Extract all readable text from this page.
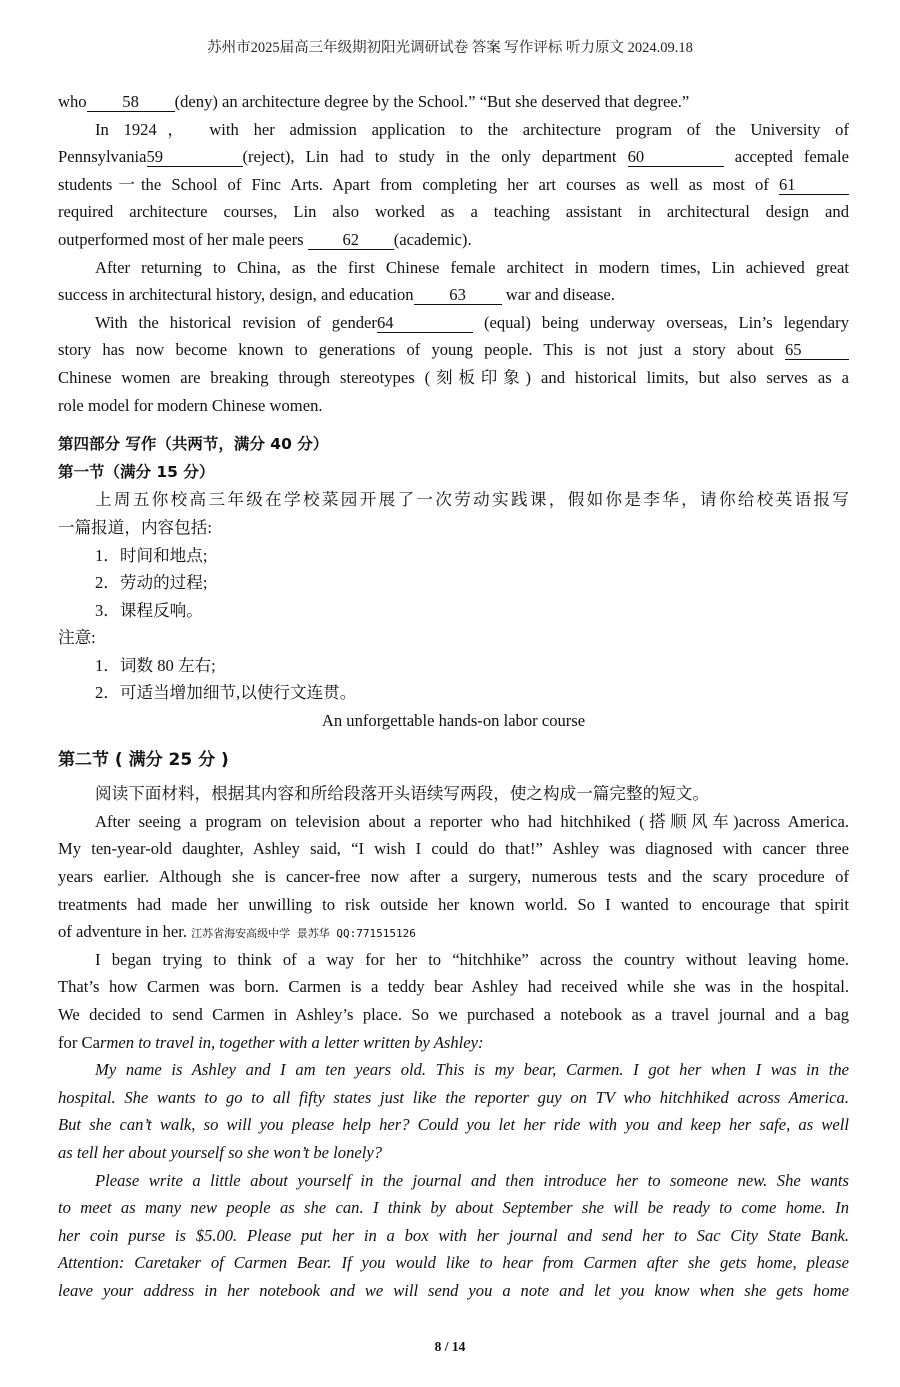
苏州市2025届高三年级期初阳光调研试卷 答案 写作评标 听力原文 2024.09.18
who 58 (deny) an architecture degree by the School.” “But she deserved that degree.”
In 1924， with her admission application to the architecture program of the University of
Pennsylvania59	(reject), Lin had to study in the only department 60	accepted female
students一the School of Finc Arts. Apart from completing her art courses as well as most of 61
required architecture courses, Lin also worked as a teaching assistant in architectural design and
outperformed most of her male peers 62 (academic).
After returning to China, as the first Chinese female architect in modern times, Lin achieved great
success in architectural history, design, and education 63 war and disease.
With the historical revision of gender64	(equal) being underway overseas, Lin’s legendary
story has now become known to generations of young people. This is not just a story about 65
Chinese women are breaking through stereotypes (刻板印象) and historical limits, but also serves as a
role model for modern Chinese women.
第四部分 写作（共两节，满分 40 分）
第一节（满分 15 分）
上周五你校高三年级在学校菜园开展了一次劳动实践课，假如你是李华，请你给校英语报写
一篇报道，内容包括:
1．时间和地点;
2．劳动的过程;
3．课程反响。
注意:
1．词数 80 左右;
2．可适当增加细节,以使行文连贯。
An unforgettable hands-on labor course
第二节 ( 满分 25 分 )
阅读下面材料，根据其内容和所给段落开头语续写两段，使之构成一篇完整的短文。
After seeing a program on television about a reporter who had hitchhiked (搭顺风车)across America.
My ten-year-old daughter, Ashley said, “I wish I could do that!” Ashley was diagnosed with cancer three
years earlier. Although she is cancer-free now after a surgery, numerous tests and the scary procedure of
treatments had made her unwilling to risk outside her known world. So I wanted to encourage that spirit
of adventure in her. 江苏省海安高级中学 景苏华 QQ:771515126
I began trying to think of a way for her to “hitchhike” across the country without leaving home.
That’s how Carmen was born. Carmen is a teddy bear Ashley had received while she was in the hospital.
We decided to send Carmen in Ashley’s place. So we purchased a notebook as a travel journal and a bag
for Carmen to travel in, together with a letter written by Ashley:
My name is Ashley and I am ten years old. This is my bear, Carmen. I got her when I was in the
hospital. She wants to go to all fifty states just like the reporter guy on TV who hitchhiked across America.
But she can’t walk, so will you please help her? Could you let her ride with you and keep her safe, as well
as tell her about yourself so she won’t be lonely?
Please write a little about yourself in the journal and then introduce her to someone new. She wants
to meet as many new people as she can. I think by about September she will be ready to come home. In
her coin purse is $5.00. Please put her in a box with her journal and send her to Sac City State Bank.
Attention: Caretaker of Carmen Bear. If you would like to hear from Carmen after she gets home, please
leave your address in her notebook and we will send you a note and let you know when she gets home
8 / 14
